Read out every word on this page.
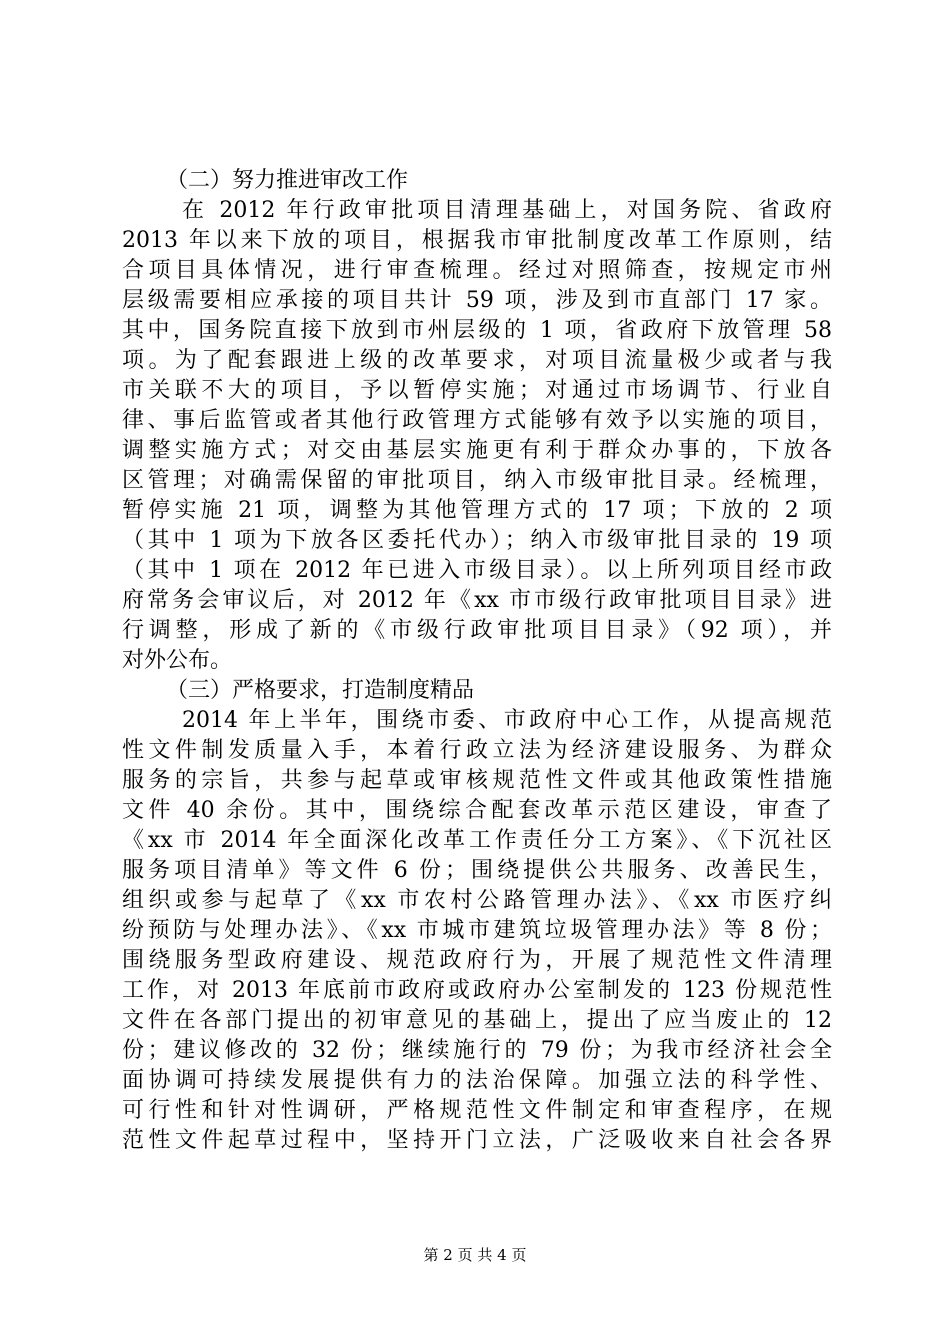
（二）努力推进审改工作
在 2012 年行政审批项目清理基础上，对国务院、省政府
2013 年以来下放的项目，根据我市审批制度改革工作原则，结
合项目具体情况，进行审查梳理。经过对照筛查，按规定市州
层级需要相应承接的项目共计 59 项，涉及到市直部门 17 家。
其中，国务院直接下放到市州层级的 1 项，省政府下放管理 58
项。为了配套跟进上级的改革要求，对项目流量极少或者与我
市关联不大的项目，予以暂停实施；对通过市场调节、行业自
律、事后监管或者其他行政管理方式能够有效予以实施的项目，
调整实施方式；对交由基层实施更有利于群众办事的，下放各
区管理；对确需保留的审批项目，纳入市级审批目录。经梳理，
暂停实施 21 项，调整为其他管理方式的 17 项；下放的 2 项
（其中 1 项为下放各区委托代办）；纳入市级审批目录的 19 项
（其中 1 项在 2012 年已进入市级目录）。以上所列项目经市政
府常务会审议后，对 2012 年《xx 市市级行政审批项目目录》进
行调整，形成了新的《市级行政审批项目目录》（92 项），并
对外公布。
（三）严格要求，打造制度精品
2014 年上半年，围绕市委、市政府中心工作，从提高规范
性文件制发质量入手，本着行政立法为经济建设服务、为群众
服务的宗旨，共参与起草或审核规范性文件或其他政策性措施
文件 40 余份。其中，围绕综合配套改革示范区建设，审查了
《xx 市 2014 年全面深化改革工作责任分工方案》、《下沉社区
服务项目清单》等文件 6 份；围绕提供公共服务、改善民生，
组织或参与起草了《xx 市农村公路管理办法》、《xx 市医疗纠
纷预防与处理办法》、《xx 市城市建筑垃圾管理办法》等 8 份；
围绕服务型政府建设、规范政府行为，开展了规范性文件清理
工作，对 2013 年底前市政府或政府办公室制发的 123 份规范性
文件在各部门提出的初审意见的基础上，提出了应当废止的 12
份；建议修改的 32 份；继续施行的 79 份；为我市经济社会全
面协调可持续发展提供有力的法治保障。加强立法的科学性、
可行性和针对性调研，严格规范性文件制定和审查程序，在规
范性文件起草过程中，坚持开门立法，广泛吸收来自社会各界
第 2 页 共 4 页
